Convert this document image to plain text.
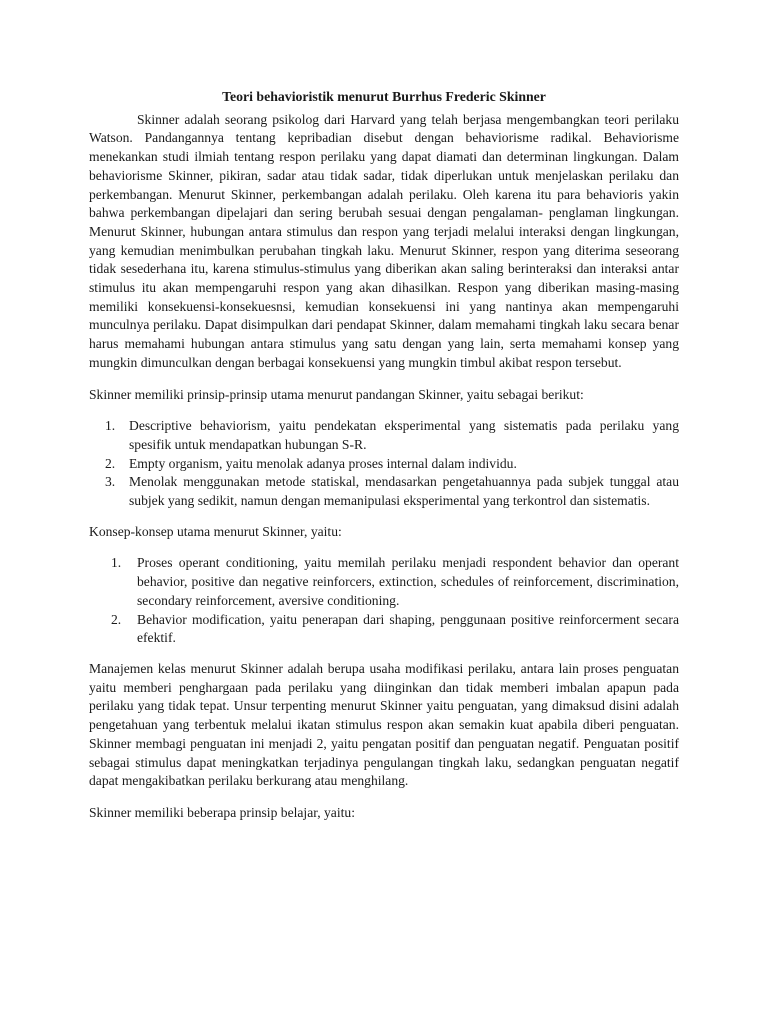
Teori behavioristik menurut Burrhus Frederic Skinner

Skinner adalah seorang psikolog dari Harvard yang telah berjasa mengembangkan teori perilaku Watson. Pandangannya tentang kepribadian disebut dengan behaviorisme radikal. Behaviorisme menekankan studi ilmiah tentang respon perilaku yang dapat diamati dan determinan lingkungan. Dalam behaviorisme Skinner, pikiran, sadar atau tidak sadar, tidak diperlukan untuk menjelaskan perilaku dan perkembangan. Menurut Skinner, perkembangan adalah perilaku. Oleh karena itu para behavioris yakin bahwa perkembangan dipelajari dan sering berubah sesuai dengan pengalaman- penglaman lingkungan. Menurut Skinner, hubungan antara stimulus dan respon yang terjadi melalui interaksi dengan lingkungan, yang kemudian menimbulkan perubahan tingkah laku. Menurut Skinner, respon yang diterima seseorang tidak sesederhana itu, karena stimulus-stimulus yang diberikan akan saling berinteraksi dan interaksi antar stimulus itu akan mempengaruhi respon yang akan dihasilkan. Respon yang diberikan masing-masing memiliki konsekuensi-konsekuesnsi, kemudian konsekuensi ini yang nantinya akan mempengaruhi munculnya perilaku. Dapat disimpulkan dari pendapat Skinner, dalam memahami tingkah laku secara benar harus memahami hubungan antara stimulus yang satu dengan yang lain, serta memahami konsep yang mungkin dimunculkan dengan berbagai konsekuensi yang mungkin timbul akibat respon tersebut.

Skinner memiliki prinsip-prinsip utama menurut pandangan Skinner, yaitu sebagai berikut:

1. Descriptive behaviorism, yaitu pendekatan eksperimental yang sistematis pada perilaku yang spesifik untuk mendapatkan hubungan S-R.
2. Empty organism, yaitu menolak adanya proses internal dalam individu.
3. Menolak menggunakan metode statiskal, mendasarkan pengetahuannya pada subjek tunggal atau subjek yang sedikit, namun dengan memanipulasi eksperimental yang terkontrol dan sistematis.

Konsep-konsep utama menurut Skinner, yaitu:

1. Proses operant conditioning, yaitu memilah perilaku menjadi respondent behavior dan operant behavior, positive dan negative reinforcers, extinction, schedules of reinforcement, discrimination, secondary reinforcement, aversive conditioning.
2. Behavior modification, yaitu penerapan dari shaping, penggunaan positive reinforcerment secara efektif.

Manajemen kelas menurut Skinner adalah berupa usaha modifikasi perilaku, antara lain proses penguatan yaitu memberi penghargaan pada perilaku yang diinginkan dan tidak memberi imbalan apapun pada perilaku yang tidak tepat. Unsur terpenting menurut Skinner yaitu penguatan, yang dimaksud disini adalah pengetahuan yang terbentuk melalui ikatan stimulus respon akan semakin kuat apabila diberi penguatan. Skinner membagi penguatan ini menjadi 2, yaitu pengatan positif dan penguatan negatif. Penguatan positif sebagai stimulus dapat meningkatkan terjadinya pengulangan tingkah laku, sedangkan penguatan negatif dapat mengakibatkan perilaku berkurang atau menghilang.

Skinner memiliki beberapa prinsip belajar, yaitu:
